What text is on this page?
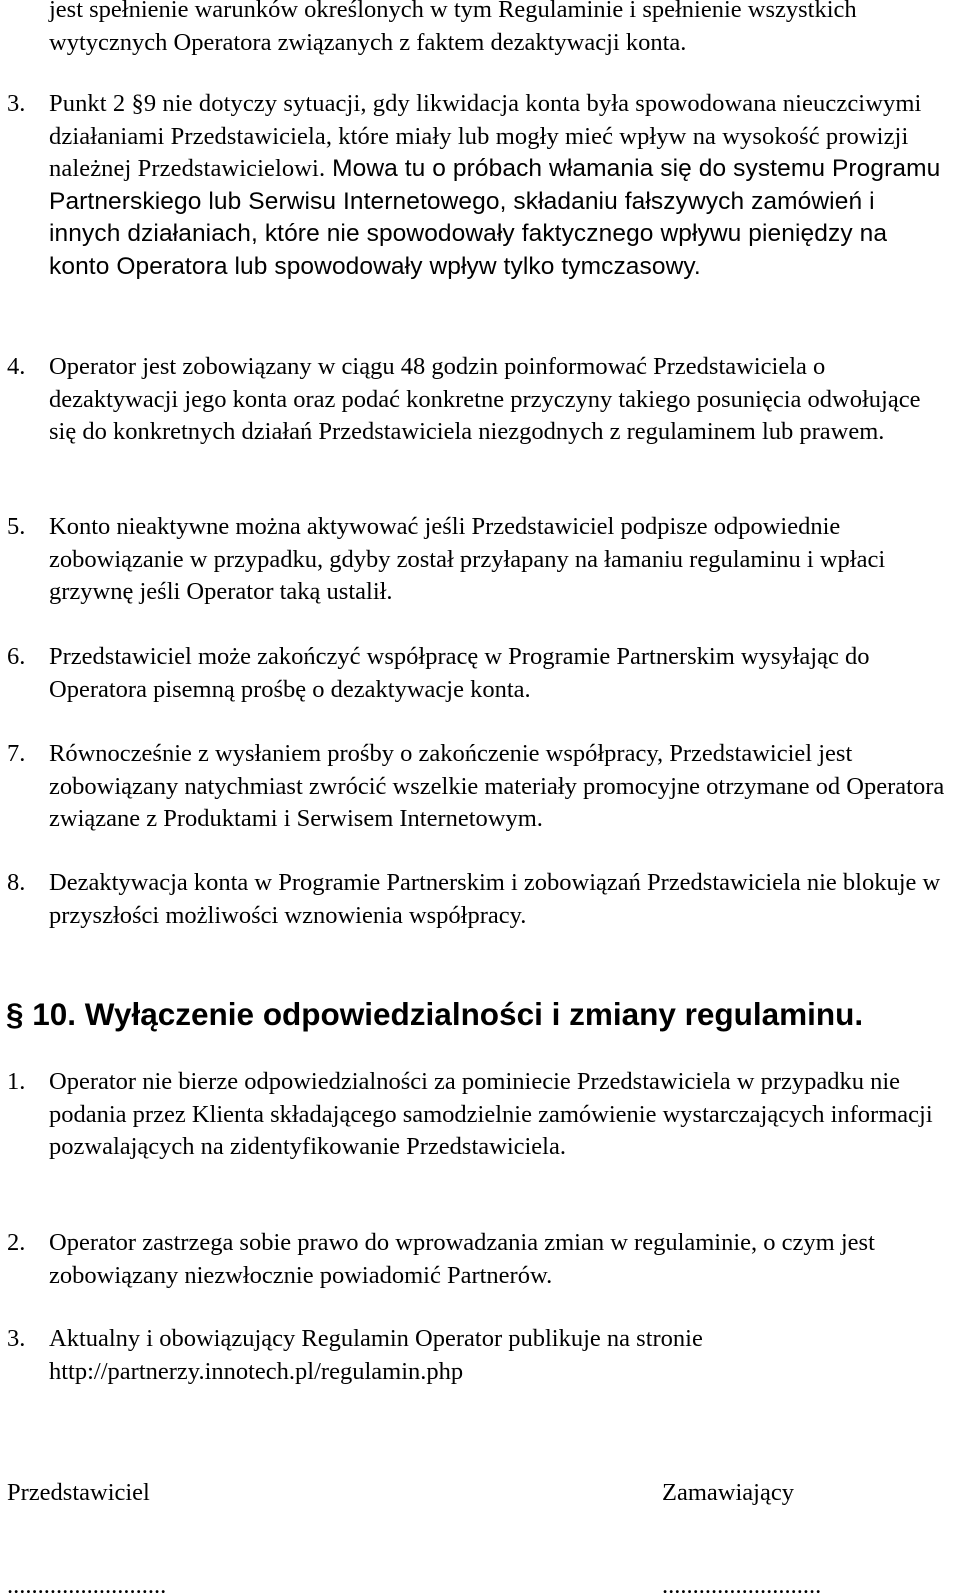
jest spełnienie warunków określonych w tym Regulaminie i spełnienie wszystkich wytycznych Operatora związanych z faktem dezaktywacji konta.
3. Punkt 2 §9 nie dotyczy sytuacji, gdy likwidacja konta była spowodowana nieuczciwymi działaniami Przedstawiciela, które miały lub mogły mieć wpływ na wysokość prowizji należnej Przedstawicielowi. Mowa tu o próbach włamania się do systemu Programu Partnerskiego lub Serwisu Internetowego, składaniu fałszywych zamówień i innych działaniach, które nie spowodowały faktycznego wpływu pieniędzy na konto Operatora lub spowodowały wpływ tylko tymczasowy.
4. Operator jest zobowiązany w ciągu 48 godzin poinformować Przedstawiciela o dezaktywacji jego konta oraz podać konkretne przyczyny takiego posunięcia odwołujące się do konkretnych działań Przedstawiciela niezgodnych z regulaminem lub prawem.
5. Konto nieaktywne można aktywować jeśli Przedstawiciel podpisze odpowiednie zobowiązanie w przypadku, gdyby został przyłapany na łamaniu regulaminu i wpłaci grzywnę jeśli Operator taką ustalił.
6. Przedstawiciel może zakończyć współpracę w Programie Partnerskim wysyłając do Operatora pisemną prośbę o dezaktywacje konta.
7. Równocześnie z wysłaniem prośby o zakończenie współpracy, Przedstawiciel jest zobowiązany natychmiast zwrócić wszelkie materiały promocyjne otrzymane od Operatora związane z Produktami i Serwisem Internetowym.
8. Dezaktywacja konta w Programie Partnerskim i zobowiązań Przedstawiciela nie blokuje w przyszłości możliwości wznowienia współpracy.
§ 10. Wyłączenie odpowiedzialności i zmiany regulaminu.
1. Operator nie bierze odpowiedzialności za pominiecie Przedstawiciela w przypadku nie podania przez Klienta składającego samodzielnie zamówienie wystarczających informacji pozwalających na zidentyfikowanie Przedstawiciela.
2. Operator zastrzega sobie prawo do wprowadzania zmian w regulaminie, o czym jest zobowiązany niezwłocznie powiadomić Partnerów.
3. Aktualny i obowiązujący Regulamin Operator publikuje na stronie http://partnerzy.innotech.pl/regulamin.php
Przedstawiciel	Zamawiający
..........................	..........................
